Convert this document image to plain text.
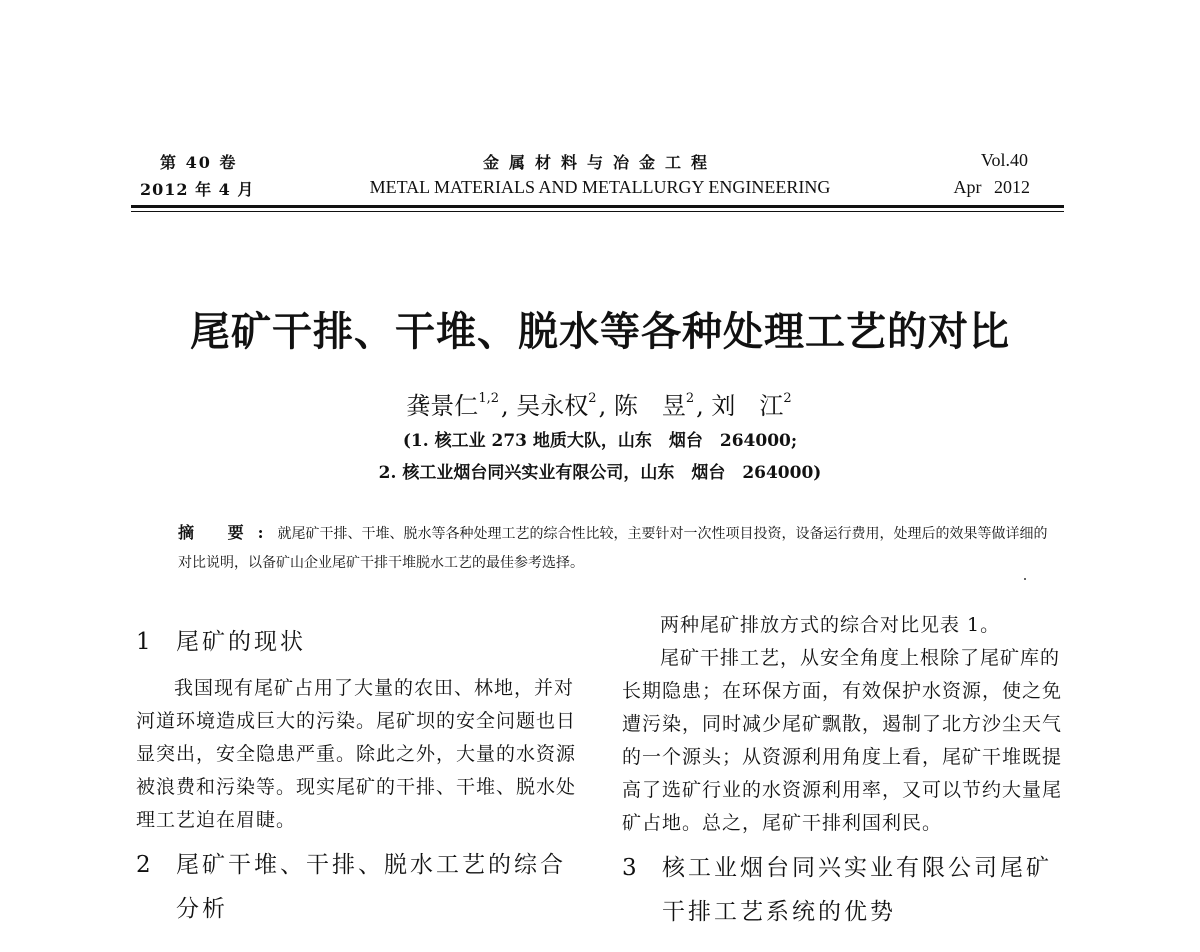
第 40 卷
2012 年 4 月
金属材料与冶金工程
METAL MATERIALS AND METALLURGY ENGINEERING
Vol.40
Apr 2012
尾矿干排、干堆、脱水等各种处理工艺的对比
龚景仁$^{1,2}$, 吴永权$^2$, 陈　昱$^2$, 刘　江$^2$
(1. 核工业 273 地质大队，山东　烟台　264000;
2. 核工业烟台同兴实业有限公司，山东　烟台　264000)
摘 要:就尾矿干排、干堆、脱水等各种处理工艺的综合性比较，主要针对一次性项目投资，设备运行费用，处理后的效果等做详细的对比说明，以备矿山企业尾矿干排干堆脱水工艺的最佳参考选择。
1 尾矿的现状

我国现有尾矿占用了大量的农田、林地，并对河道环境造成巨大的污染。尾矿坝的安全问题也日显突出，安全隐患严重。除此之外，大量的水资源被浪费和污染等。现实尾矿的干排、干堆、脱水处理工艺迫在眉睫。

2 尾矿干堆、干排、脱水工艺的综合分析

两种尾矿排放方式的综合对比见表 1。

尾矿干排工艺，从安全角度上根除了尾矿库的长期隐患；在环保方面，有效保护水资源，使之免遭污染，同时减少尾矿飘散，遏制了北方沙尘天气的一个源头；从资源利用角度上看，尾矿干堆既提高了选矿行业的水资源利用率，又可以节约大量尾矿占地。总之，尾矿干排利国利民。

3 核工业烟台同兴实业有限公司尾矿干排工艺系统的优势
